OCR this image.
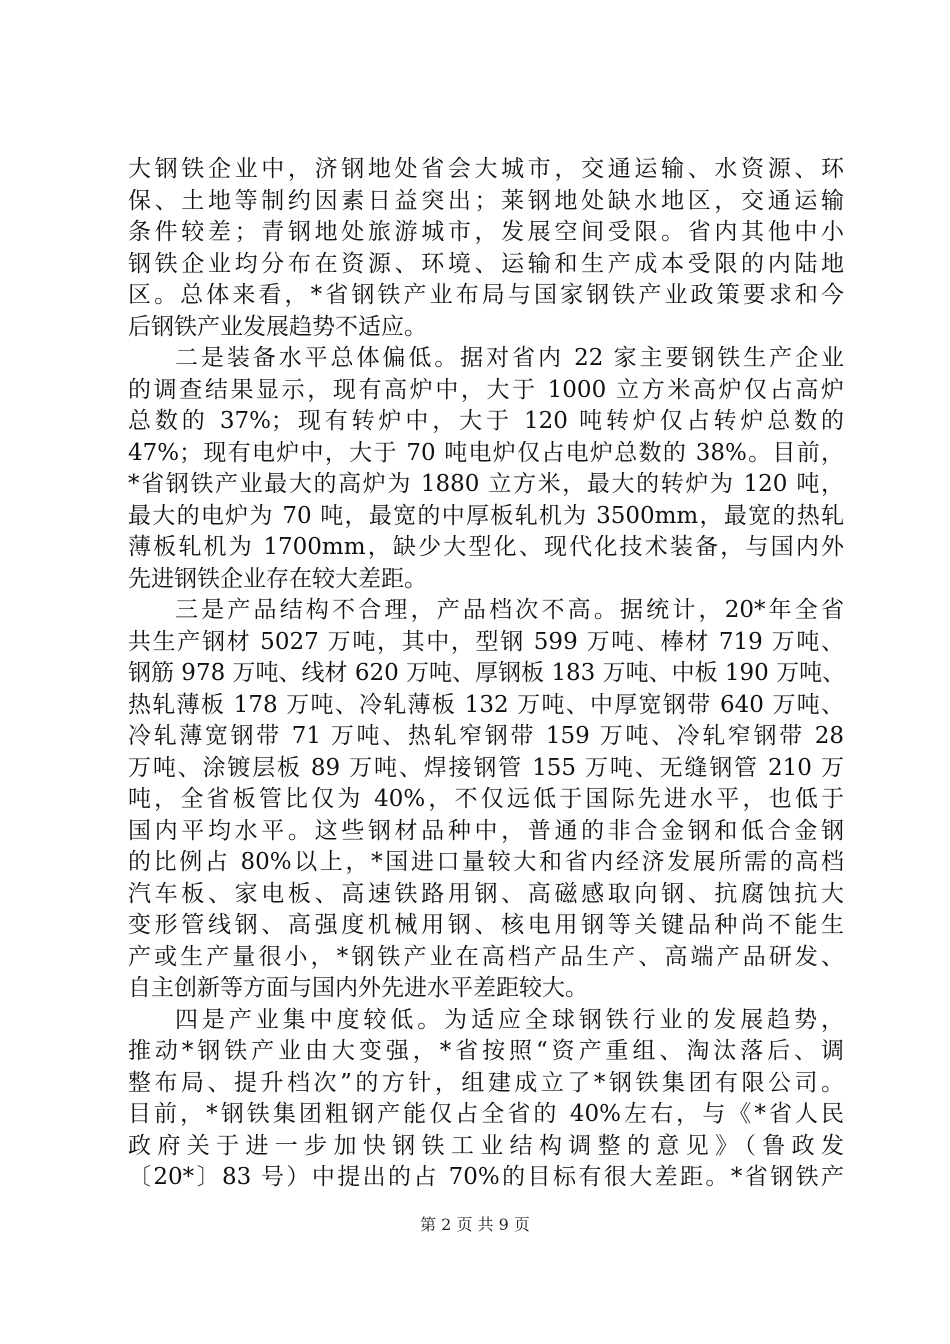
大钢铁企业中，济钢地处省会大城市，交通运输、水资源、环
保、土地等制约因素日益突出；莱钢地处缺水地区，交通运输
条件较差；青钢地处旅游城市，发展空间受限。省内其他中小
钢铁企业均分布在资源、环境、运输和生产成本受限的内陆地
区。总体来看，*省钢铁产业布局与国家钢铁产业政策要求和今
后钢铁产业发展趋势不适应。
二是装备水平总体偏低。据对省内 22 家主要钢铁生产企业
的调查结果显示，现有高炉中，大于 1000 立方米高炉仅占高炉
总数的 37%；现有转炉中，大于 120 吨转炉仅占转炉总数的
47%；现有电炉中，大于 70 吨电炉仅占电炉总数的 38%。目前，
*省钢铁产业最大的高炉为 1880 立方米，最大的转炉为 120 吨，
最大的电炉为 70 吨，最宽的中厚板轧机为 3500mm，最宽的热轧
薄板轧机为 1700mm，缺少大型化、现代化技术装备，与国内外
先进钢铁企业存在较大差距。
三是产品结构不合理，产品档次不高。据统计，20*年全省
共生产钢材 5027 万吨，其中，型钢 599 万吨、棒材 719 万吨、
钢筋 978 万吨、线材 620 万吨、厚钢板 183 万吨、中板 190 万吨、
热轧薄板 178 万吨、冷轧薄板 132 万吨、中厚宽钢带 640 万吨、
冷轧薄宽钢带 71 万吨、热轧窄钢带 159 万吨、冷轧窄钢带 28
万吨、涂镀层板 89 万吨、焊接钢管 155 万吨、无缝钢管 210 万
吨，全省板管比仅为 40%，不仅远低于国际先进水平，也低于
国内平均水平。这些钢材品种中，普通的非合金钢和低合金钢
的比例占 80%以上，*国进口量较大和省内经济发展所需的高档
汽车板、家电板、高速铁路用钢、高磁感取向钢、抗腐蚀抗大
变形管线钢、高强度机械用钢、核电用钢等关键品种尚不能生
产或生产量很小，*钢铁产业在高档产品生产、高端产品研发、
自主创新等方面与国内外先进水平差距较大。
四是产业集中度较低。为适应全球钢铁行业的发展趋势，
推动*钢铁产业由大变强，*省按照“资产重组、淘汰落后、调
整布局、提升档次”的方针，组建成立了*钢铁集团有限公司。
目前，*钢铁集团粗钢产能仅占全省的 40%左右，与《*省人民
政府关于进一步加快钢铁工业结构调整的意见》（鲁政发
〔20*〕83 号）中提出的占 70%的目标有很大差距。*省钢铁产
第 2 页 共 9 页
